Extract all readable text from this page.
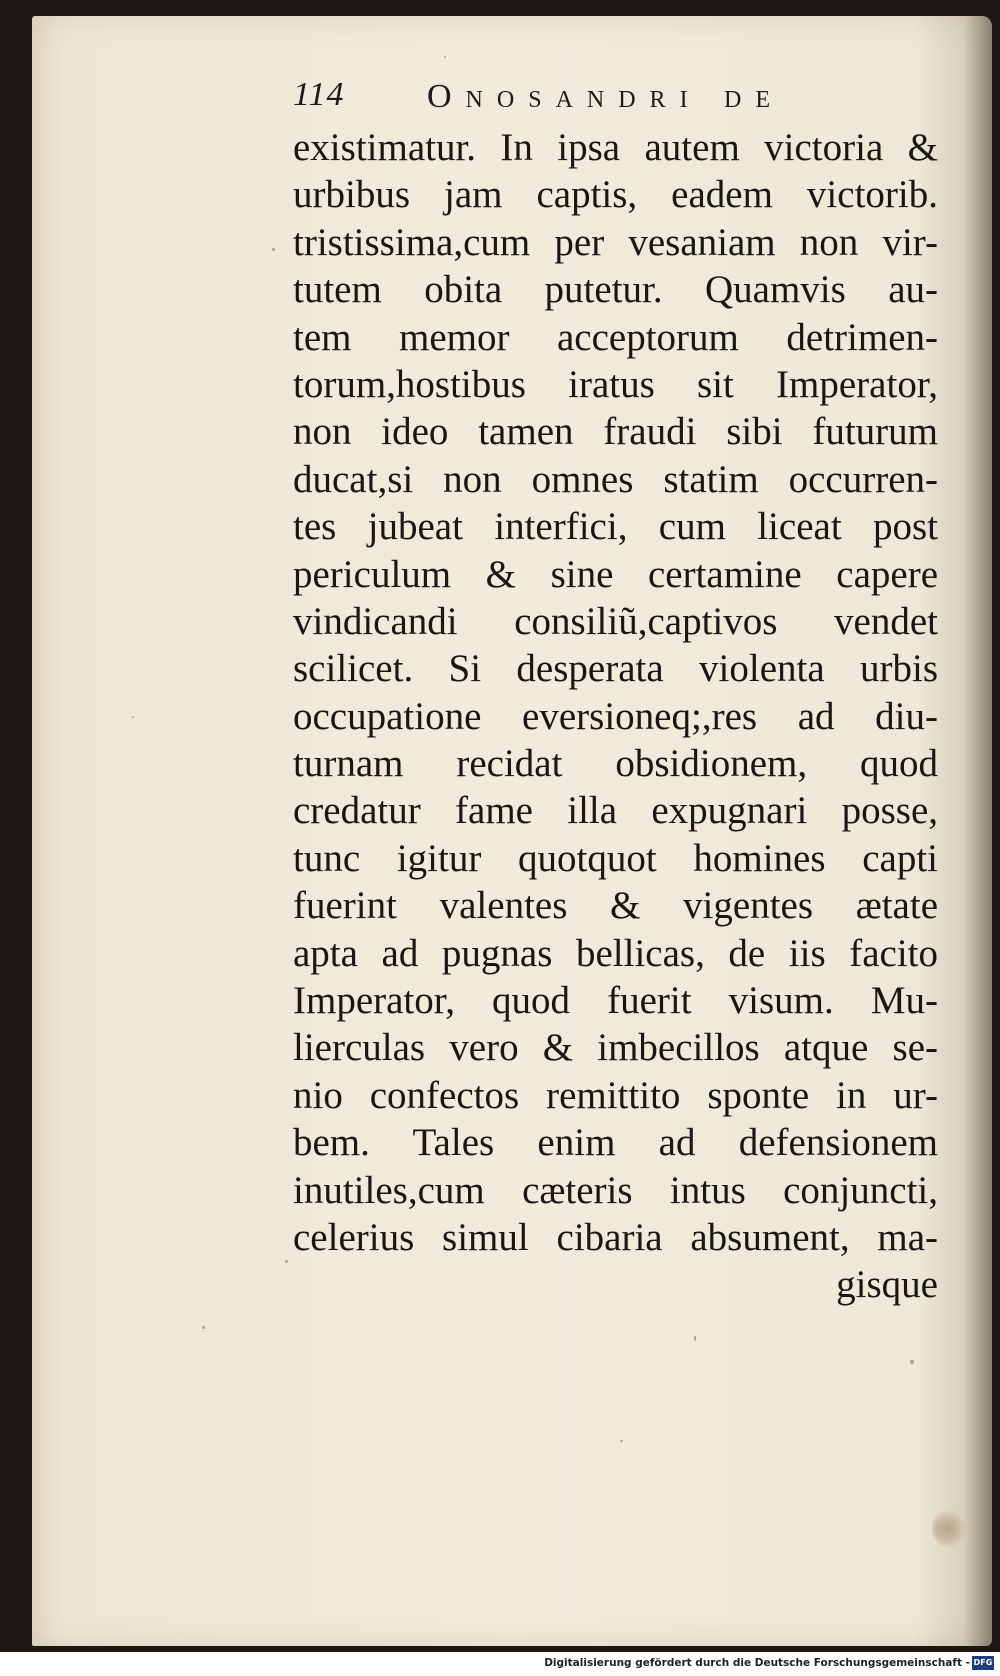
114 Onosandri de
existimatur. In ipsa autem victoria &
urbibus jam captis, eadem victorib.
tristissima,cum per vesaniam non vir-
tutem obita putetur. Quamvis au-
tem memor acceptorum detrimen-
torum,hostibus iratus sit Imperator,
non ideo tamen fraudi sibi futurum
ducat,si non omnes statim occurren-
tes jubeat interfici, cum liceat post
periculum & sine certamine capere
vindicandi consiliũ,captivos vendet
scilicet. Si desperata violenta urbis
occupatione eversioneq;,res ad diu-
turnam recidat obsidionem, quod
credatur fame illa expugnari posse,
tunc igitur quotquot homines capti
fuerint valentes & vigentes ætate
apta ad pugnas bellicas, de iis facito
Imperator, quod fuerit visum. Mu-
lierculas vero & imbecillos atque se-
nio confectos remittito sponte in ur-
bem. Tales enim ad defensionem
inutiles,cum cæteris intus conjuncti,
celerius simul cibaria absument, ma-
gisque
Digitalisierung gefördert durch die Deutsche Forschungsgemeinschaft - DFG
